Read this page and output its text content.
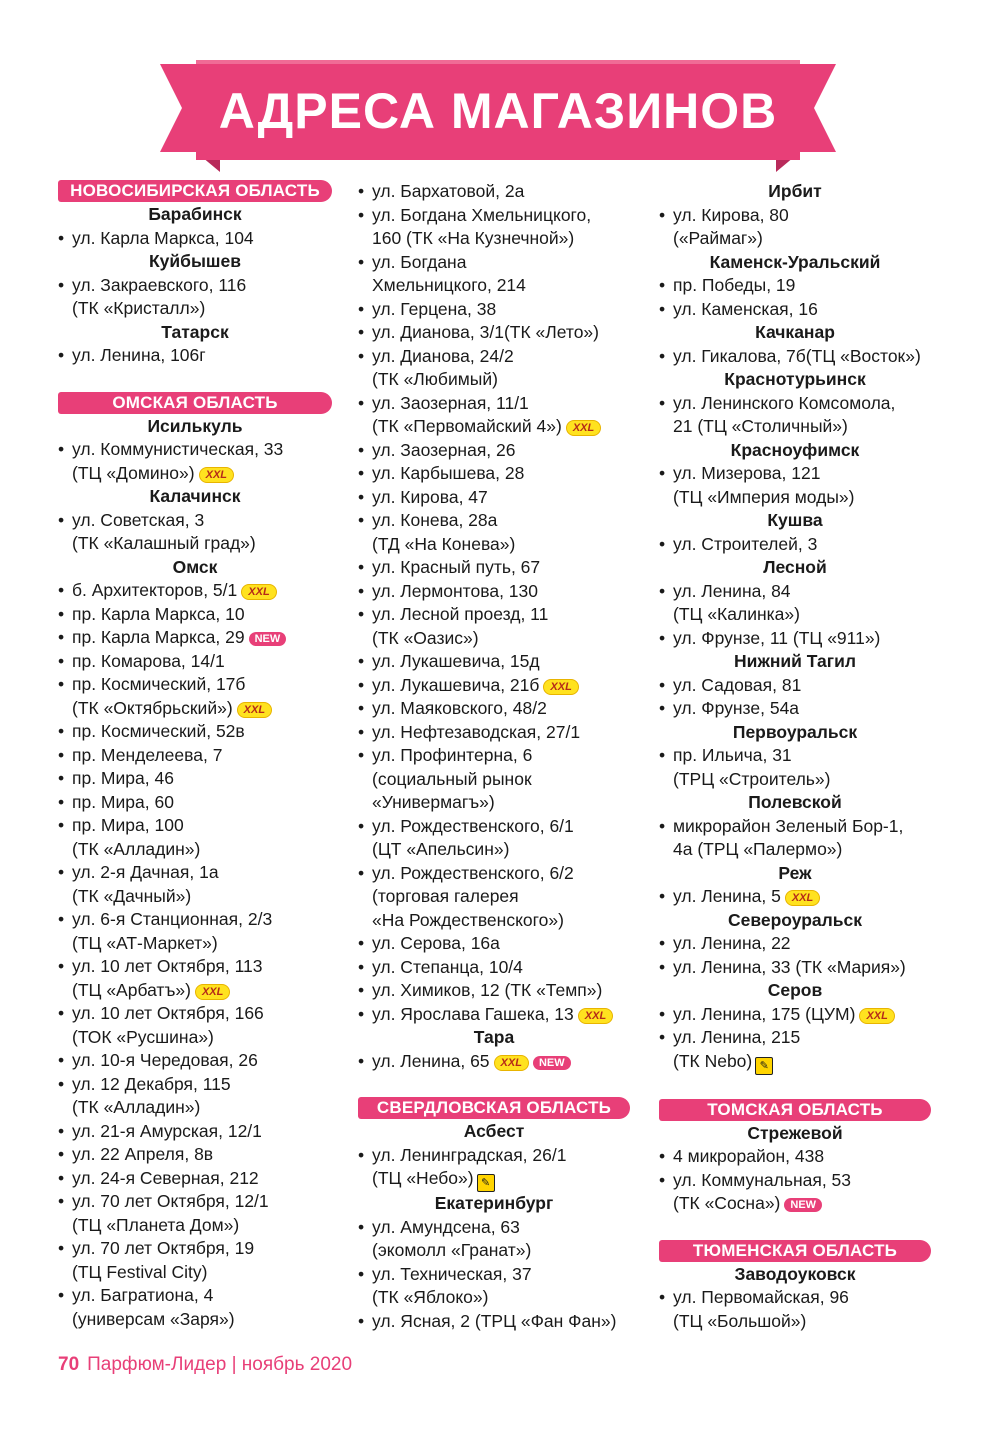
АДРЕСА МАГАЗИНОВ
НОВОСИБИРСКАЯ ОБЛАСТЬ
Барабинск
• ул. Карла Маркса, 104
Куйбышев
• ул. Закраевского, 116
(ТК «Кристалл»)
Татарск
• ул. Ленина, 106г
ОМСКАЯ ОБЛАСТЬ
Исилькуль
• ул. Коммунистическая, 33
(ТЦ «Домино») XXL
Калачинск
• ул. Советская, 3
(ТК «Калашный град»)
Омск
• б. Архитекторов, 5/1 XXL
• пр. Карла Маркса, 10
• пр. Карла Маркса, 29 NEW
• пр. Комарова, 14/1
• пр. Космический, 17б
(ТК «Октябрьский») XXL
• пр. Космический, 52в
• пр. Менделеева, 7
• пр. Мира, 46
• пр. Мира, 60
• пр. Мира, 100
(ТК «Алладин»)
• ул. 2-я Дачная, 1а
(ТК «Дачный»)
• ул. 6-я Станционная, 2/3
(ТЦ «АТ-Маркет»)
• ул. 10 лет Октября, 113
(ТЦ «Арбатъ») XXL
• ул. 10 лет Октября, 166
(ТОК «Русшина»)
• ул. 10-я Чередовая, 26
• ул. 12 Декабря, 115
(ТК «Алладин»)
• ул. 21-я Амурская, 12/1
• ул. 22 Апреля, 8в
• ул. 24-я Северная, 212
• ул. 70 лет Октября, 12/1
(ТЦ «Планета Дом»)
• ул. 70 лет Октября, 19
(ТЦ Festival City)
• ул. Багратиона, 4
(универсам «Заря»)
• ул. Бархатовой, 2а
• ул. Богдана Хмельницкого,
160 (ТК «На Кузнечной»)
• ул. Богдана
Хмельницкого, 214
• ул. Герцена, 38
• ул. Дианова, 3/1(ТК «Лето»)
• ул. Дианова, 24/2
(ТК «Любимый)
• ул. Заозерная, 11/1
(ТК «Первомайский 4») XXL
• ул. Заозерная, 26
• ул. Карбышева, 28
• ул. Кирова, 47
• ул. Конева, 28а
(ТД «На Конева»)
• ул. Красный путь, 67
• ул. Лермонтова, 130
• ул. Лесной проезд, 11
(ТК «Оазис»)
• ул. Лукашевича, 15д
• ул. Лукашевича, 21б XXL
• ул. Маяковского, 48/2
• ул. Нефтезаводская, 27/1
• ул. Профинтерна, 6
(социальный рынок
«Универмагъ»)
• ул. Рождественского, 6/1
(ЦТ «Апельсин»)
• ул. Рождественского, 6/2
(торговая галерея
«На Рождественского»)
• ул. Серова, 16а
• ул. Степанца, 10/4
• ул. Химиков, 12 (ТК «Темп»)
• ул. Ярослава Гашека, 13 XXL
Тара
• ул. Ленина, 65 XXL NEW
СВЕРДЛОВСКАЯ ОБЛАСТЬ
Асбест
• ул. Ленинградская, 26/1
(ТЦ «Небо») ✎
Екатеринбург
• ул. Амундсена, 63
(экомолл «Гранат»)
• ул. Техническая, 37
(ТК «Яблоко»)
• ул. Ясная, 2 (ТРЦ «Фан Фан»)
Ирбит
• ул. Кирова, 80
(«Раймаг»)
Каменск-Уральский
• пр. Победы, 19
• ул. Каменская, 16
Качканар
• ул. Гикалова, 7б(ТЦ «Восток»)
Краснотурьинск
• ул. Ленинского Комсомола,
21 (ТЦ «Столичный»)
Красноуфимск
• ул. Мизерова, 121
(ТЦ «Империя моды»)
Кушва
• ул. Строителей, 3
Лесной
• ул. Ленина, 84
(ТЦ «Калинка»)
• ул. Фрунзе, 11 (ТЦ «911»)
Нижний Тагил
• ул. Садовая, 81
• ул. Фрунзе, 54а
Первоуральск
• пр. Ильича, 31
(ТРЦ «Строитель»)
Полевской
• микрорайон Зеленый Бор-1,
4а (ТРЦ «Палермо»)
Реж
• ул. Ленина, 5 XXL
Североуральск
• ул. Ленина, 22
• ул. Ленина, 33 (ТК «Мария»)
Серов
• ул. Ленина, 175 (ЦУМ) XXL
• ул. Ленина, 215
(ТК Nebo) ✎
ТОМСКАЯ ОБЛАСТЬ
Стрежевой
• 4 микрорайон, 438
• ул. Коммунальная, 53
(ТК «Сосна») NEW
ТЮМЕНСКАЯ ОБЛАСТЬ
Заводоуковск
• ул. Первомайская, 96
(ТЦ «Большой»)
70 Парфюм-Лидер | ноябрь 2020
